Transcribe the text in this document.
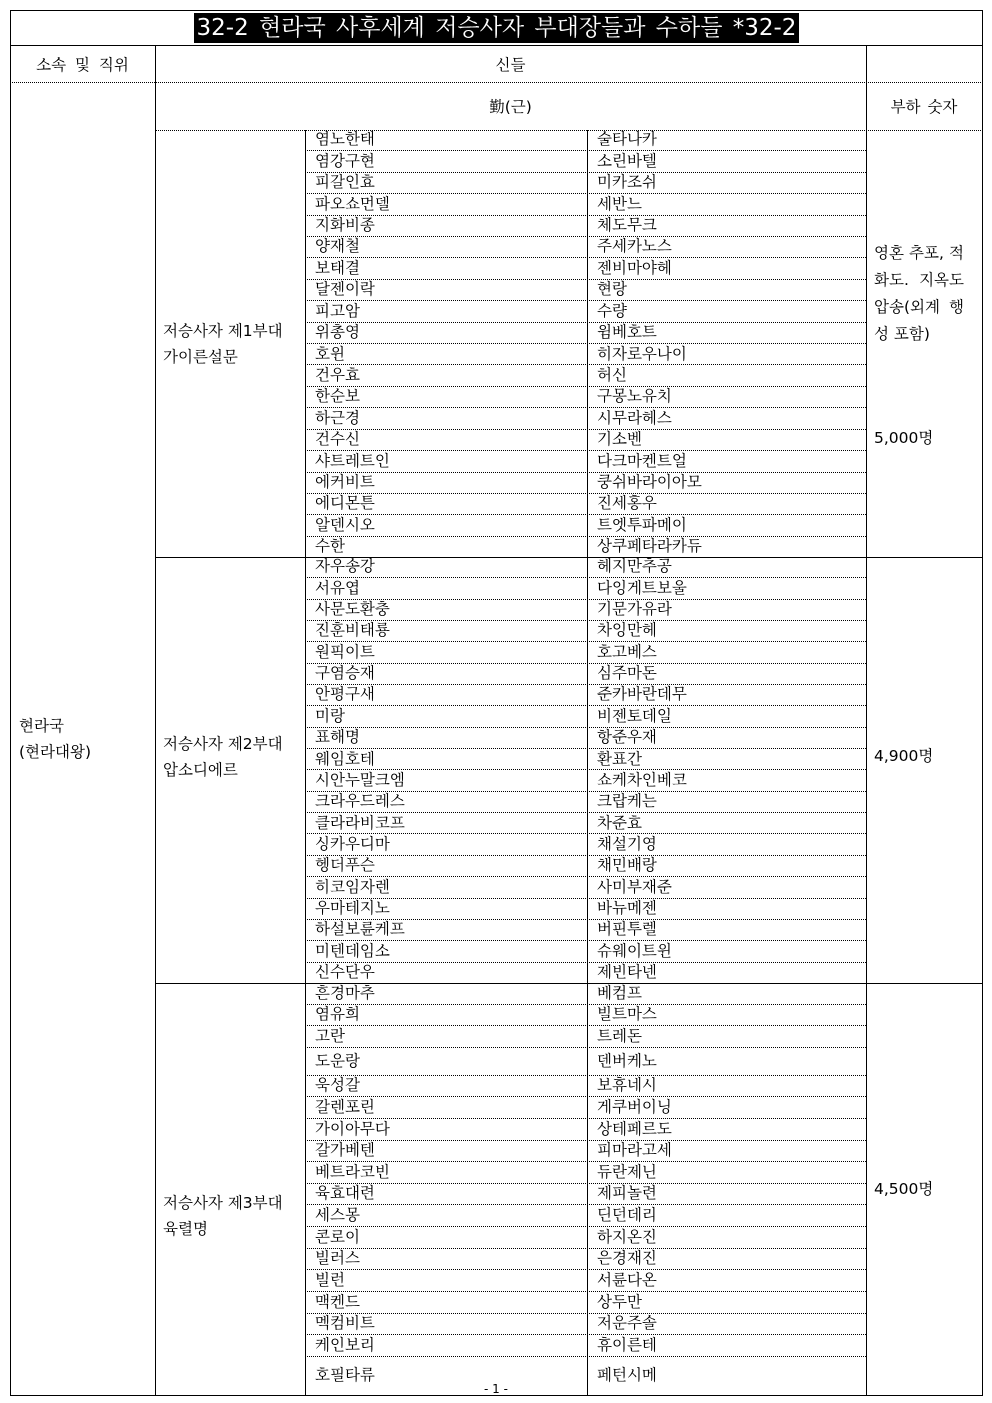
32-2 현라국 사후세계 저승사자 부대장들과 수하들 *32-2
소속 및 직위	신들
勤(근)	부하 숫자
현라국
(현라대왕)
저승사자 제1부대
가이른설문
염노한태	술타나카
염강구현	소린바텔
피갈인효	미카조쉬
파오쇼먼델	세반느
지화비종	체도무크
양재철	주세카노스
보태결	젠비마야헤
달젠이락	현랑
피고암	수량
위총영	윔베호트
호윈	히자로우나이
건우효	허신
한순보	구몽노유치
하근경	시무라헤스
건수신	기소벤
샤트레트인	다크마켄트얼
에커비트	쿵쉬바라이아모
에디몬튼	진세홍우
알덴시오	트엣투파메이
수한	상쿠페타라카듀
영혼 추포, 적화도. 지옥도 압송(외계 행성 포함)
5,000명
저승사자 제2부대
압소디에르
자우송강	헤지만추공
서유엽	다잉게트보울
사문도환충	기문가유라
진훈비태룡	차잉만헤
원픽이트	호고베스
구염승재	심주마돈
안평구새	준카바란데무
미랑	비젠토데일
표해명	항준우재
웨임호테	환표간
시안누말크엠	쇼케차인베코
크라우드레스	크랍케는
클라라비코프	차준효
싱카우디마	채설기영
헹더푸슨	채민배랑
히코임자렌	사미부재준
우마테지노	바뉴메젠
하설보륜케프	버핀투렐
미텐데임소	슈웨이트윈
신수단우	제빈타넨
4,900명
저승사자 제3부대
육렬명
흔경마추	베컴프
염유희	빌트마스
고란	트레돈
도운랑	덴버케노
욱성갈	보휴네시
갈렌포린	게쿠버이닝
가이아무다	상테페르도
갈가베텐	피마라고세
베트라코빈	듀란제닌
육효대련	제피놀련
세스몽	딘던데리
콘로이	하지온진
빌러스	은경재진
빌런	서륜다온
맥켄드	상두만
멕컴비트	저운주솔
케인보리	휴이른테
호필타류	페턴시메
4,500명
- 1 -
